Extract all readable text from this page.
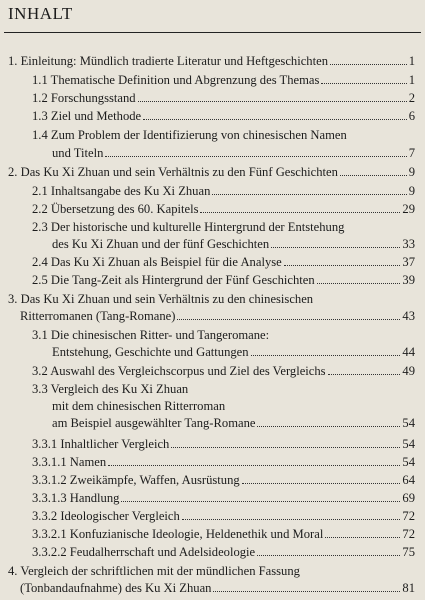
INHALT
1. Einleitung: Mündlich tradierte Literatur und Heftgeschichten	1
1.1 Thematische Definition und Abgrenzung des Themas	1
1.2 Forschungsstand	2
1.3 Ziel und Methode	6
1.4 Zum Problem der Identifizierung von chinesischen Namen
und Titeln	7
2. Das Ku Xi Zhuan und sein Verhältnis zu den Fünf Geschichten	9
2.1 Inhaltsangabe des Ku Xi Zhuan	9
2.2 Übersetzung des 60. Kapitels	29
2.3 Der historische und kulturelle Hintergrund der Entstehung
des Ku Xi Zhuan und der fünf Geschichten	33
2.4 Das Ku Xi Zhuan als Beispiel für die Analyse	37
2.5 Die Tang-Zeit als Hintergrund der Fünf Geschichten	39
3. Das Ku Xi Zhuan und sein Verhältnis zu den chinesischen
Ritterromanen (Tang-Romane)	43
3.1 Die chinesischen Ritter- und Tangeromane:
Entstehung, Geschichte und Gattungen	44
3.2 Auswahl des Vergleichscorpus und Ziel des Vergleichs	49
3.3 Vergleich des Ku Xi Zhuan
mit dem chinesischen Ritterroman
am Beispiel ausgewählter Tang-Romane	54
3.3.1 Inhaltlicher Vergleich	54
3.3.1.1 Namen	54
3.3.1.2 Zweikämpfe, Waffen, Ausrüstung	64
3.3.1.3 Handlung	69
3.3.2 Ideologischer Vergleich	72
3.3.2.1 Konfuzianische Ideologie, Heldenethik und Moral	72
3.3.2.2 Feudalherrschaft und Adelsideologie	75
4. Vergleich der schriftlichen mit der mündlichen Fassung
(Tonbandaufnahme) des Ku Xi Zhuan	81
